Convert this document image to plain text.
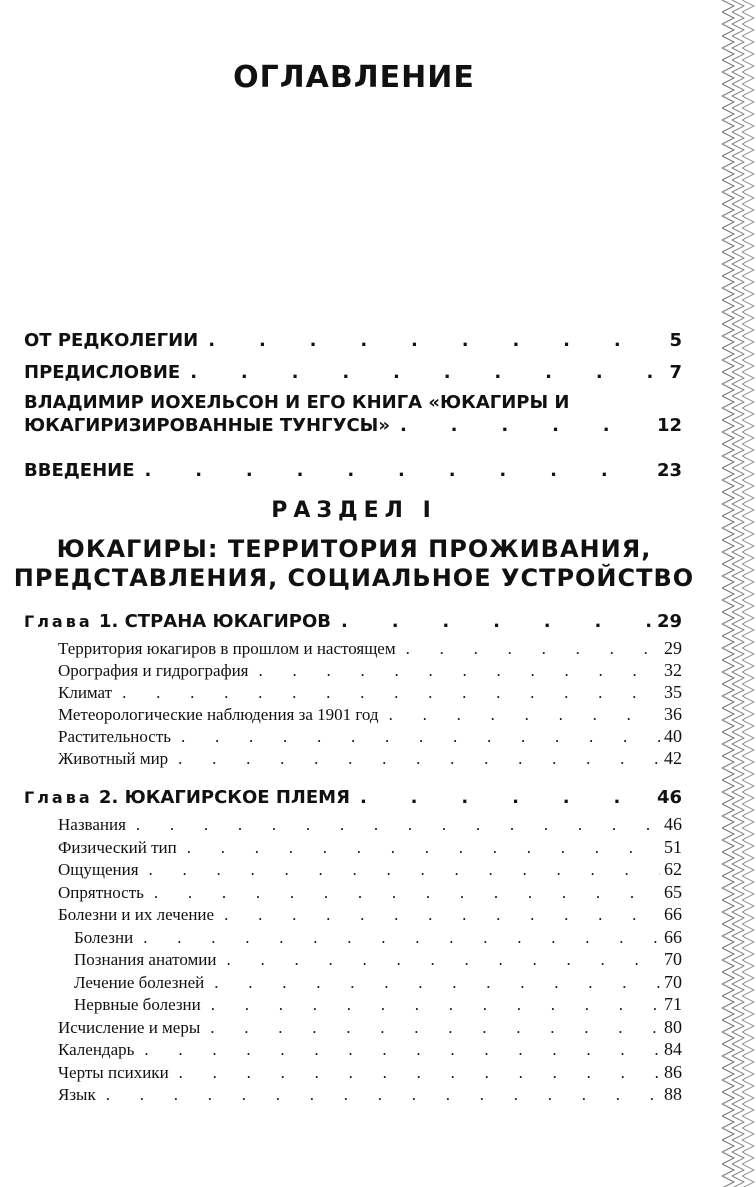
ОГЛАВЛЕНИЕ
ОТ РЕДКОЛЕГИИ .	5
ПРЕДИСЛОВИЕ .	7
ВЛАДИМИР ИОХЕЛЬСОН И ЕГО КНИГА «ЮКАГИРЫ И
ЮКАГИРИЗИРОВАННЫЕ ТУНГУСЫ» .	12
ВВЕДЕНИЕ .	23
РАЗДЕЛ I
ЮКАГИРЫ: ТЕРРИТОРИЯ ПРОЖИВАНИЯ,
ПРЕДСТАВЛЕНИЯ, СОЦИАЛЬНОЕ УСТРОЙСТВО
Глава 1. СТРАНА ЮКАГИРОВ .	29
Территория юкагиров в прошлом и настоящем .	29
Орография и гидрография .	32
Климат .	35
Метеорологические наблюдения за 1901 год .	36
Растительность .	40
Животный мир .	42
Глава 2. ЮКАГИРСКОЕ ПЛЕМЯ .	46
Названия .	46
Физический тип .	51
Ощущения .	62
Опрятность .	65
Болезни и их лечение .	66
Болезни .	66
Познания анатомии .	70
Лечение болезней .	70
Нервные болезни .	71
Исчисление и меры .	80
Календарь .	84
Черты психики .	86
Язык .	88
